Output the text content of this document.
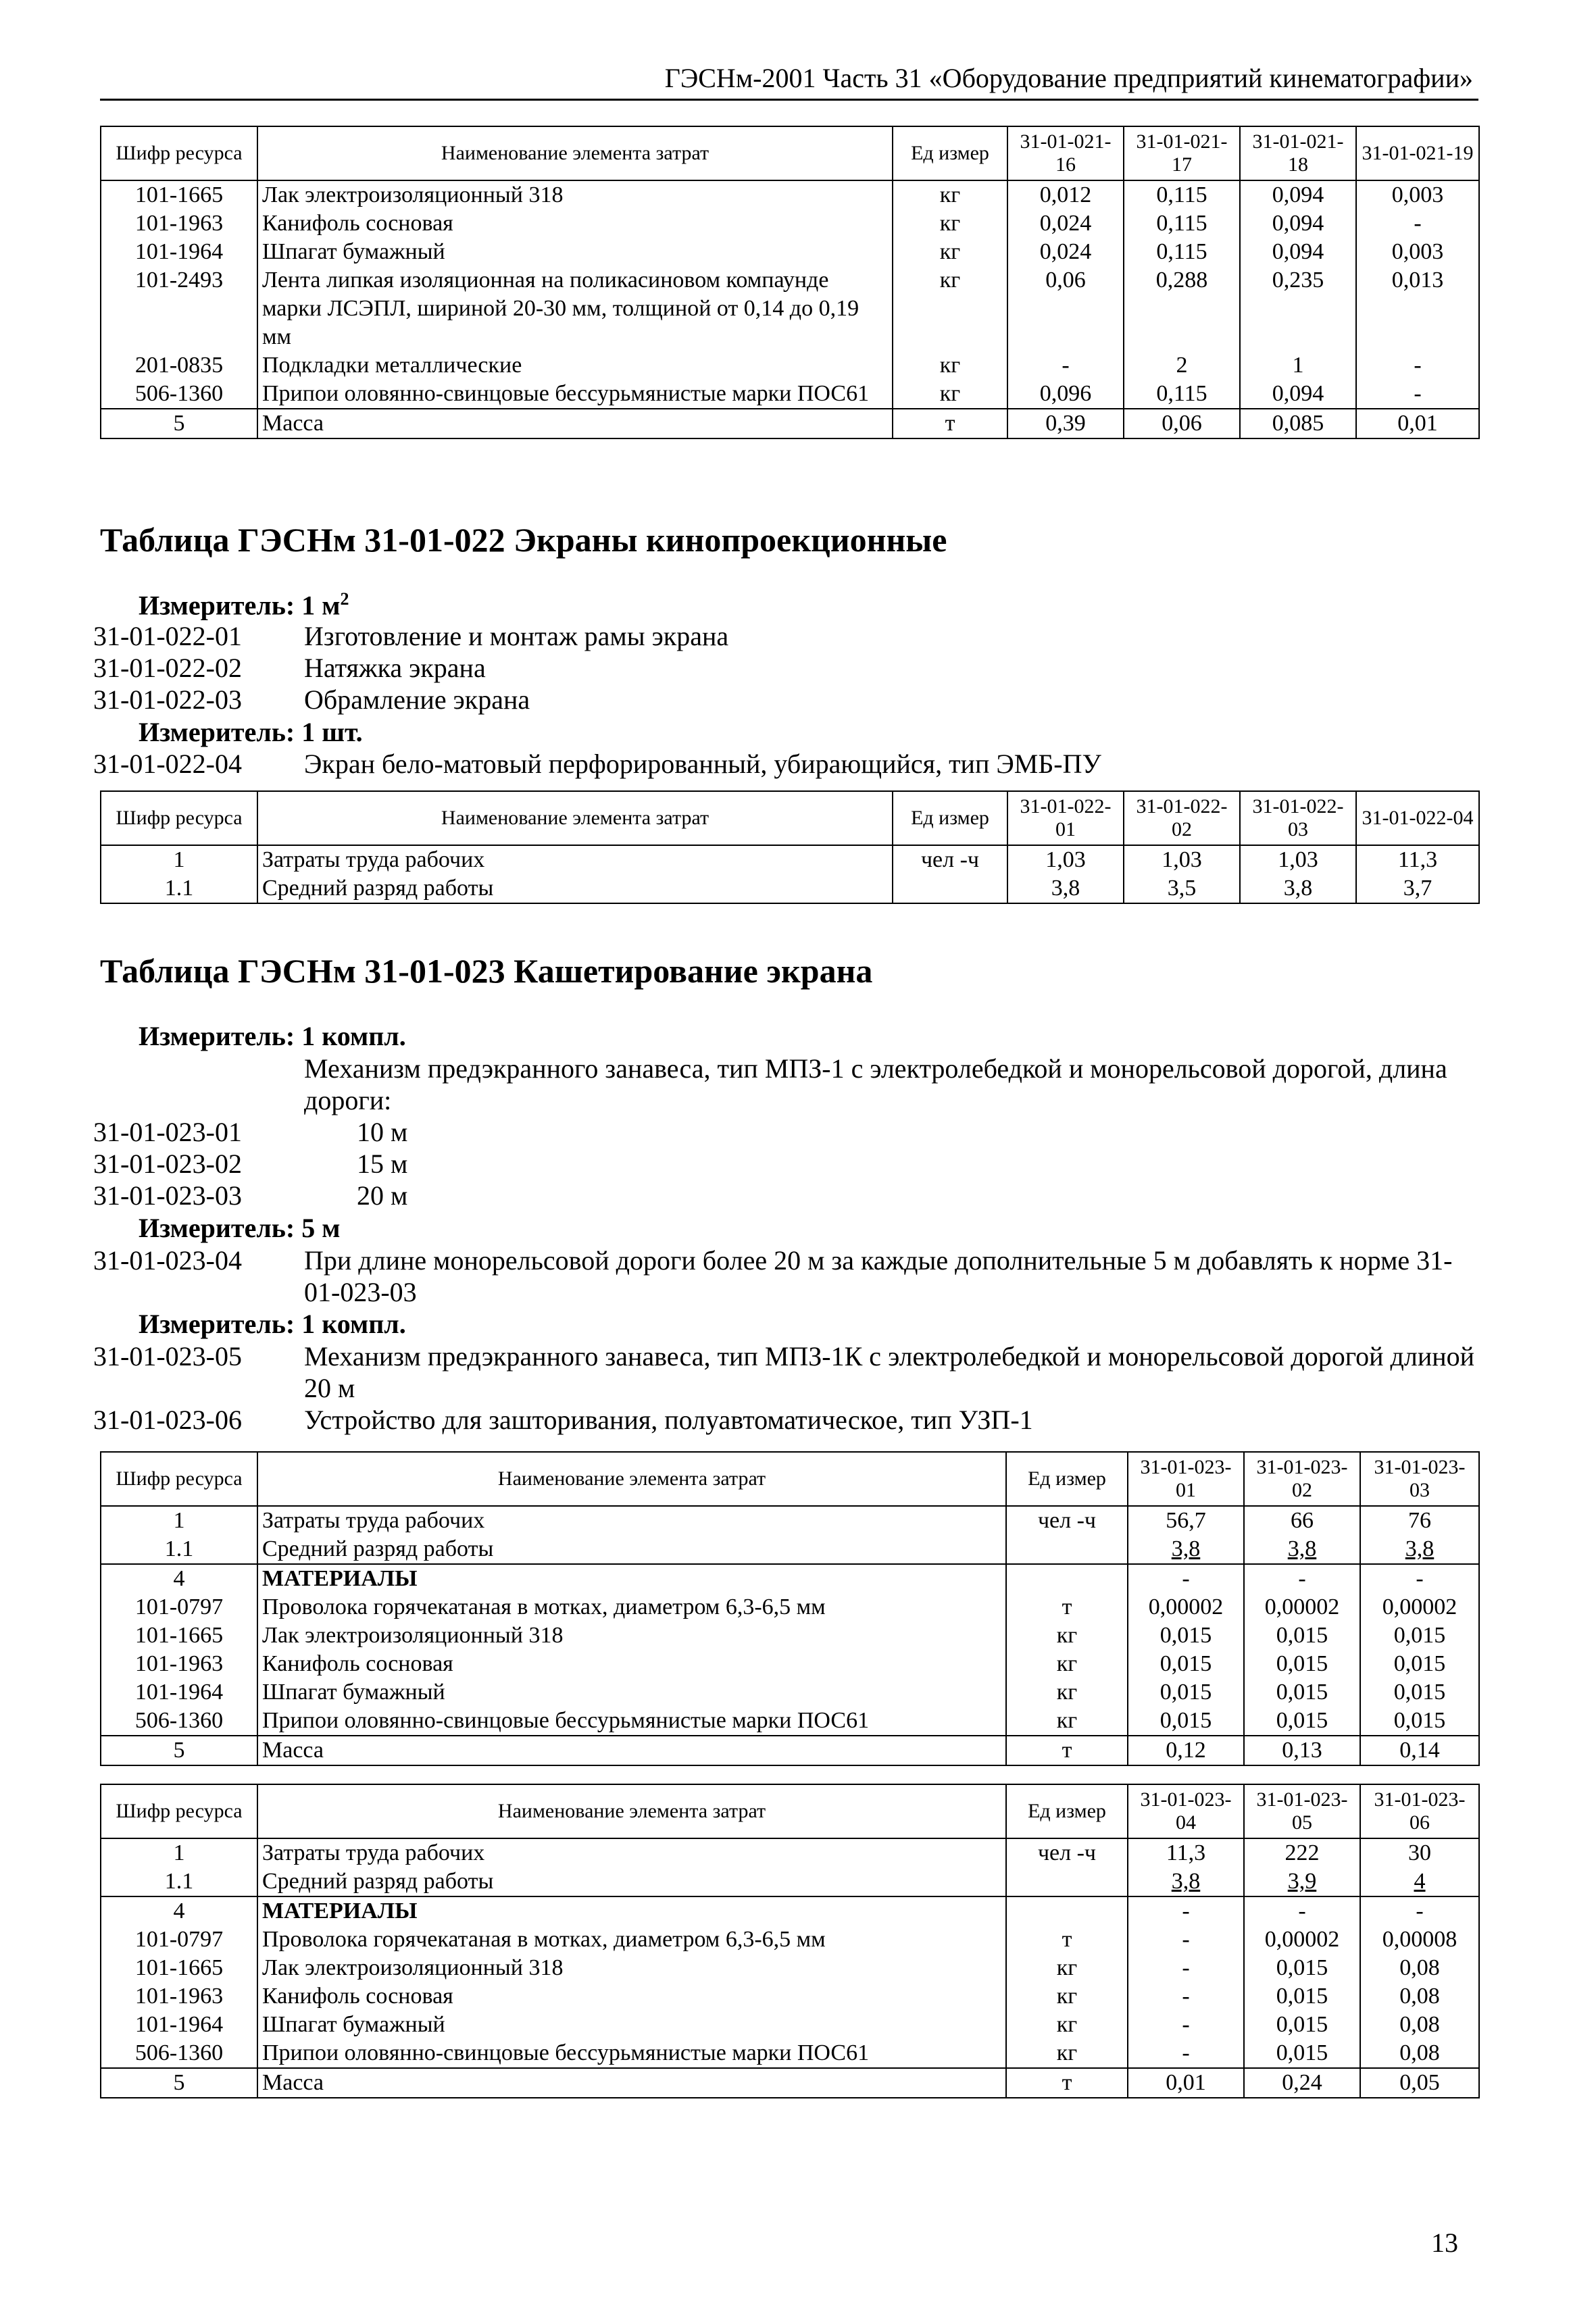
ГЭСНм-2001 Часть 31 «Оборудование предприятий кинематографии»
Шифр ресурса	Наименование элемента затрат	Ед измер	31-01-021-16	31-01-021-17	31-01-021-18	31-01-021-19
101-1665	Лак электроизоляционный 318	кг	0,012	0,115	0,094	0,003
101-1963	Канифоль сосновая	кг	0,024	0,115	0,094	-
101-1964	Шпагат бумажный	кг	0,024	0,115	0,094	0,003
101-2493	Лента липкая изоляционная на поликасиновом компаунде марки ЛСЭПЛ, шириной 20-30 мм, толщиной от 0,14 до 0,19 мм	кг	0,06	0,288	0,235	0,013
201-0835	Подкладки металлические	кг	-	2	1	-
506-1360	Припои оловянно-свинцовые бессурьмянистые марки ПОС61	кг	0,096	0,115	0,094	-
5	Масса	т	0,39	0,06	0,085	0,01
Таблица ГЭСНм 31-01-022 Экраны кинопроекционные
Измеритель: 1 $м^2$
31-01-022-01 Изготовление и монтаж рамы экрана
31-01-022-02 Натяжка экрана
31-01-022-03 Обрамление экрана
Измеритель: 1 шт.
31-01-022-04 Экран бело-матовый перфорированный, убирающийся, тип ЭМБ-ПУ
Шифр ресурса	Наименование элемента затрат	Ед измер	31-01-022-01	31-01-022-02	31-01-022-03	31-01-022-04
1	Затраты труда рабочих	чел -ч	1,03	1,03	1,03	11,3
1.1	Средний разряд работы		3,8	3,5	3,8	3,7
Таблица ГЭСНм 31-01-023 Кашетирование экрана
Измеритель: 1 компл.
Механизм предэкранного занавеса, тип МПЗ-1 с электролебедкой и монорельсовой дорогой, длина дороги:
31-01-023-01	10 м
31-01-023-02	15 м
31-01-023-03	20 м
Измеритель: 5 м
31-01-023-04 При длине монорельсовой дороги более 20 м за каждые дополнительные 5 м добавлять к норме 31-01-023-03
Измеритель: 1 компл.
31-01-023-05 Механизм предэкранного занавеса, тип МПЗ-1К с электролебедкой и монорельсовой дорогой длиной 20 м
31-01-023-06 Устройство для зашторивания, полуавтоматическое, тип УЗП-1
Шифр ресурса	Наименование элемента затрат	Ед измер	31-01-023-01	31-01-023-02	31-01-023-03
1	Затраты труда рабочих	чел -ч	56,7	66	76
1.1	Средний разряд работы		3,8	3,8	3,8
4	МАТЕРИАЛЫ		-	-	-
101-0797	Проволока горячекатаная в мотках, диаметром 6,3-6,5 мм	т	0,00002	0,00002	0,00002
101-1665	Лак электроизоляционный 318	кг	0,015	0,015	0,015
101-1963	Канифоль сосновая	кг	0,015	0,015	0,015
101-1964	Шпагат бумажный	кг	0,015	0,015	0,015
506-1360	Припои оловянно-свинцовые бессурьмянистые марки ПОС61	кг	0,015	0,015	0,015
5	Масса	т	0,12	0,13	0,14
Шифр ресурса	Наименование элемента затрат	Ед измер	31-01-023-04	31-01-023-05	31-01-023-06
1	Затраты труда рабочих	чел -ч	11,3	222	30
1.1	Средний разряд работы		3,8	3,9	4
4	МАТЕРИАЛЫ		-	-	-
101-0797	Проволока горячекатаная в мотках, диаметром 6,3-6,5 мм	т	-	0,00002	0,00008
101-1665	Лак электроизоляционный 318	кг	-	0,015	0,08
101-1963	Канифоль сосновая	кг	-	0,015	0,08
101-1964	Шпагат бумажный	кг	-	0,015	0,08
506-1360	Припои оловянно-свинцовые бессурьмянистые марки ПОС61	кг	-	0,015	0,08
5	Масса	т	0,01	0,24	0,05
13
